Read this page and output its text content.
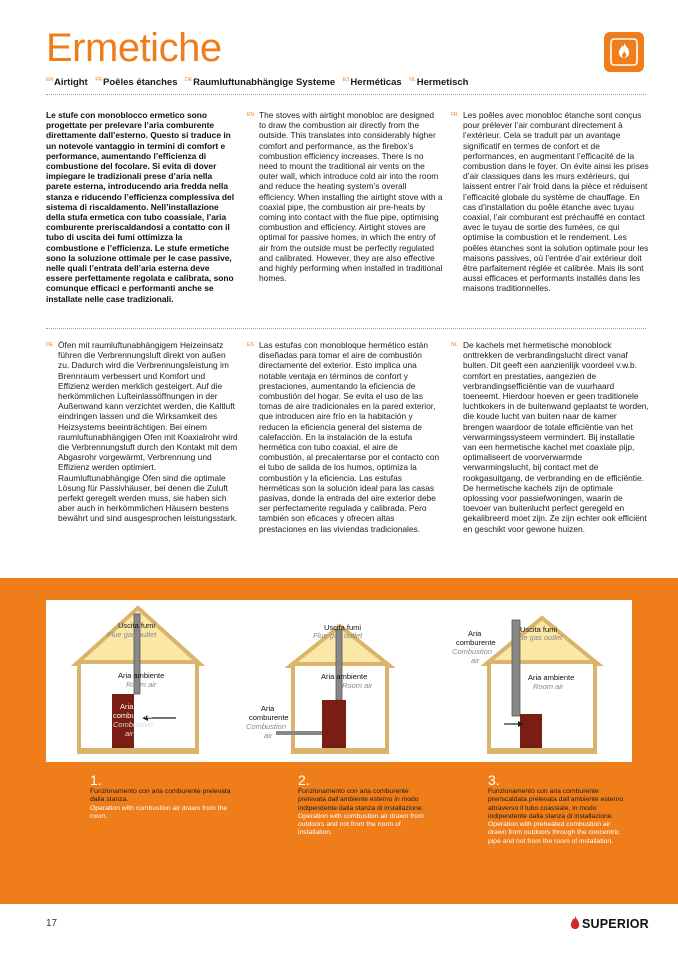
Ermetiche
$^{EN}$Airtight $^{FR}$Poêles étanches $^{DE}$Raumluftunabhängige Systeme $^{ES}$Herméticas $^{NL}$Hermetisch
Le stufe con monoblocco ermetico sono progettate per prelevare l’aria comburente direttamente dall’esterno. Questo si traduce in un notevole vantaggio in termini di comfort e performance, aumentando l’efficienza di combustione del focolare. Si evita di dover impiegare le tradizionali prese d’aria nella parete esterna, introducendo aria fredda nella stanza e riducendo l’efficienza complessiva del sistema di riscaldamento. Nell’installazione della stufa ermetica con tubo coassiale, l’aria comburente preriscaldandosi a contatto con il tubo di uscita dei fumi ottimizza la combustione e l’efficienza. Le stufe ermetiche sono la soluzione ottimale per le case passive, nelle quali l’entrata dell’aria esterna deve essere perfettamente regolata e calibrata, sono comunque efficaci e performanti anche se installate nelle case tradizionali.
EN The stoves with airtight monobloc are designed to draw the combustion air directly from the outside. This translates into considerably higher comfort and performance, as the firebox’s combustion efficiency increases. There is no need to mount the traditional air vents on the outer wall, which introduce cold air into the room and reduce the heating system’s overall efficiency. When installing the airtight stove with a coaxial pipe, the combustion air pre-heats by coming into contact with the flue pipe, optimising combustion and efficiency. Airtight stoves are optimal for passive homes, in which the entry of air from the outside must be perfectly regulated and calibrated. However, they are also effective and highly performing when installed in traditional homes.
FR Les poêles avec monobloc étanche sont conçus pour prélever l’air comburant directement à l’extérieur. Cela se traduit par un avantage significatif en termes de confort et de performances, en augmentant l’efficacité de la combustion dans le foyer. On évite ainsi les prises d’air classiques dans les murs extérieurs, qui laissent entrer l’air froid dans la pièce et réduisent l’efficacité globale du système de chauffage. En cas d’installation du poêle étanche avec tuyau coaxial, l’air comburant est préchauffé en contact avec le tuyau de sortie des fumées, ce qui optimise la combustion et le rendement. Les poêles étanches sont la solution optimale pour les maisons passives, où l’entrée d’air extérieur doit être parfaitement réglée et calibrée. Mais ils sont aussi efficaces et performants installés dans les maisons traditionnelles.
DE Öfen mit raumluftunabhängigem Heizeinsatz führen die Verbrennungsluft direkt von außen zu. Dadurch wird die Verbrennungsleistung im Brennraum verbessert und Komfort und Effizienz werden merklich gesteigert. Auf die herkömmlichen Lufteinlassöffnungen in der Außenwand kann verzichtet werden, die Kaltluft eindringen lassen und die Wirksamkeit des Heizsystems beeinträchtigen. Bei einem raumluftunabhängigen Ofen mit Koaxialrohr wird die Verbrennungsluft durch den Kontakt mit dem Abgasrohr vorgewärmt, Verbrennung und Effizienz werden optimiert. Raumluftunabhängige Öfen sind die optimale Lösung für Passivhäuser, bei denen die Zuluft perfekt geregelt werden muss, sie haben sich aber auch in herkömmlichen Häusern bestens bewährt und sind ausgesprochen leistungsstark.
ES Las estufas con monobloque hermético están diseñadas para tomar el aire de combustión directamente del exterior. Esto implica una notable ventaja en términos de confort y prestaciones, aumentando la eficiencia de combustión del hogar. Se evita el uso de las tomas de aire tradicionales en la pared exterior, que introducen aire frío en la habitación y reducen la eficiencia general del sistema de calefacción. En la instalación de la estufa hermética con tubo coaxial, el aire de combustión, al precalentarse por el contacto con el tubo de salida de los humos, optimiza la combustión y la eficiencia. Las estufas herméticas son la solución ideal para las casas pasivas, donde la entrada del aire exterior debe ser perfectamente regulada y calibrada. Pero también son eficaces y ofrecen altas prestaciones en las viviendas tradicionales.
NL De kachels met hermetische monoblock onttrekken de verbrandingslucht direct vanaf buiten. Dit geeft een aanzienlijk voordeel v.w.b. comfort en prestaties, aangezien de verbrandingsefficiëntie van de vuurhaard toeneemt. Hierdoor hoeven er geen traditionele luchtkokers in de buitenwand geplaatst te worden, die koude lucht van buiten naar de kamer brengen waardoor de totale efficiëntie van het verwarmingssysteem vermindert. Bij installatie van een hermetische kachel met coaxiale pijp, optimaliseert de voorverwarmde verwarmingslucht, bij contact met de rookgasuitgang, de verbranding en de efficiëntie. De hermetische kachels zijn de optimale oplossing voor passiefwoningen, waarin de toevoer van buitenlucht perfect geregeld en gekalibreerd moet zijn. Ze zijn echter ook efficiënt en geschikt voor gewone huizen.
Uscita fumi
Flue gas outlet
Aria ambiente
Room air
Aria
comburente
Combustion
air
Uscita fumi
Flue gas outlet
Aria ambiente
Room air
Aria
comburente
Combustion
air
Uscita fumi
Flue gas outlet
Aria ambiente
Room air
Aria
comburente
Combustion
air
1.
Funzionamento con aria comburente prelevata dalla stanza.
Operation with combustion air drawn from the room.
2.
Funzionamento con aria comburente prelevata dall’ambiente esterno in modo indipendente dalla stanza di installazione.
Operation with combustion air drawn from outdoors and not from the room of installation.
3.
Funzionamento con aria comburente preriscaldata prelevata dall’ambiente esterno attraverso il tubo coassiale, in modo indipendente dalla stanza di installazione.
Operation with preheated combustion air drawn from outdoors through the concentric pipe and not from the room of installation.
17	SUPERIOR
